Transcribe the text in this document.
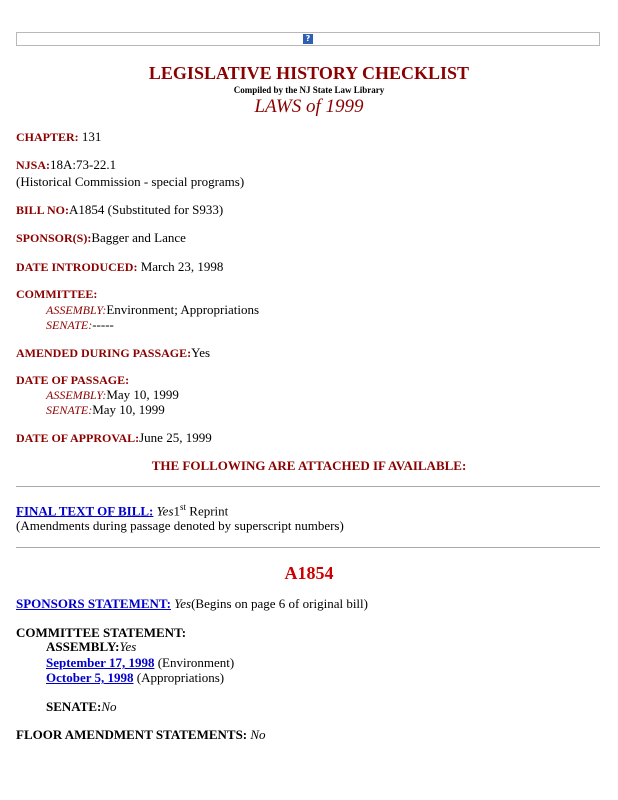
?
LEGISLATIVE HISTORY CHECKLIST
Compiled by the NJ State Law Library
LAWS of 1999
CHAPTER: 131
NJSA:18A:73-22.1
(Historical Commission - special programs)
BILL NO:A1854 (Substituted for S933)
SPONSOR(S):Bagger and Lance
DATE INTRODUCED: March 23, 1998
COMMITTEE:
ASSEMBLY:Environment; Appropriations
SENATE:-----
AMENDED DURING PASSAGE:Yes
DATE OF PASSAGE:
ASSEMBLY:May 10, 1999
SENATE:May 10, 1999
DATE OF APPROVAL:June 25, 1999
THE FOLLOWING ARE ATTACHED IF AVAILABLE:
FINAL TEXT OF BILL: Yes1st Reprint
(Amendments during passage denoted by superscript numbers)
A1854
SPONSORS STATEMENT: Yes(Begins on page 6 of original bill)
COMMITTEE STATEMENT:
ASSEMBLY:Yes
September 17, 1998 (Environment)
October 5, 1998 (Appropriations)
SENATE:No
FLOOR AMENDMENT STATEMENTS: No
